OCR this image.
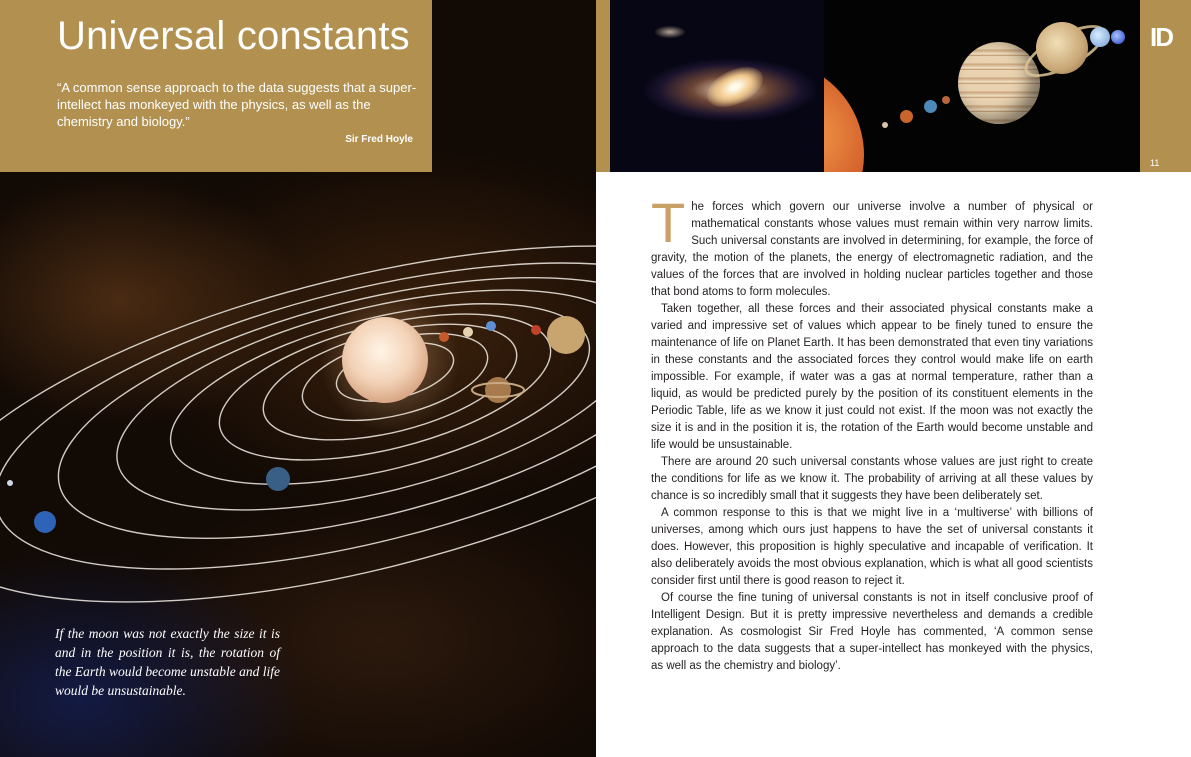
Universal constants

“A common sense approach to the data suggests that a super-intellect has monkeyed with the physics, as well as the chemistry and biology.”

Sir Fred Hoyle

If the moon was not exactly the size it is and in the position it is, the rotation of the Earth would become unstable and life would be unsustainable.

ID
11

The forces which govern our universe involve a number of physical or mathematical constants whose values must remain within very narrow limits. Such universal constants are involved in determining, for example, the force of gravity, the motion of the planets, the energy of electromagnetic radiation, and the values of the forces that are involved in holding nuclear particles together and those that bond atoms to form molecules.

Taken together, all these forces and their associated physical constants make a varied and impressive set of values which appear to be finely tuned to ensure the maintenance of life on Planet Earth. It has been demonstrated that even tiny variations in these constants and the associated forces they control would make life on earth impossible. For example, if water was a gas at normal temperature, rather than a liquid, as would be predicted purely by the position of its constituent elements in the Periodic Table, life as we know it just could not exist. If the moon was not exactly the size it is and in the position it is, the rotation of the Earth would become unstable and life would be unsustainable.

There are around 20 such universal constants whose values are just right to create the conditions for life as we know it. The probability of arriving at all these values by chance is so incredibly small that it suggests they have been deliberately set.

A common response to this is that we might live in a ‘multiverse’ with billions of universes, among which ours just happens to have the set of universal constants it does. However, this proposition is highly speculative and incapable of verification. It also deliberately avoids the most obvious explanation, which is what all good scientists consider first until there is good reason to reject it.

Of course the fine tuning of universal constants is not in itself conclusive proof of Intelligent Design. But it is pretty impressive nevertheless and demands a credible explanation. As cosmologist Sir Fred Hoyle has commented, ‘A common sense approach to the data suggests that a super-intellect has monkeyed with the physics, as well as the chemistry and biology’.
